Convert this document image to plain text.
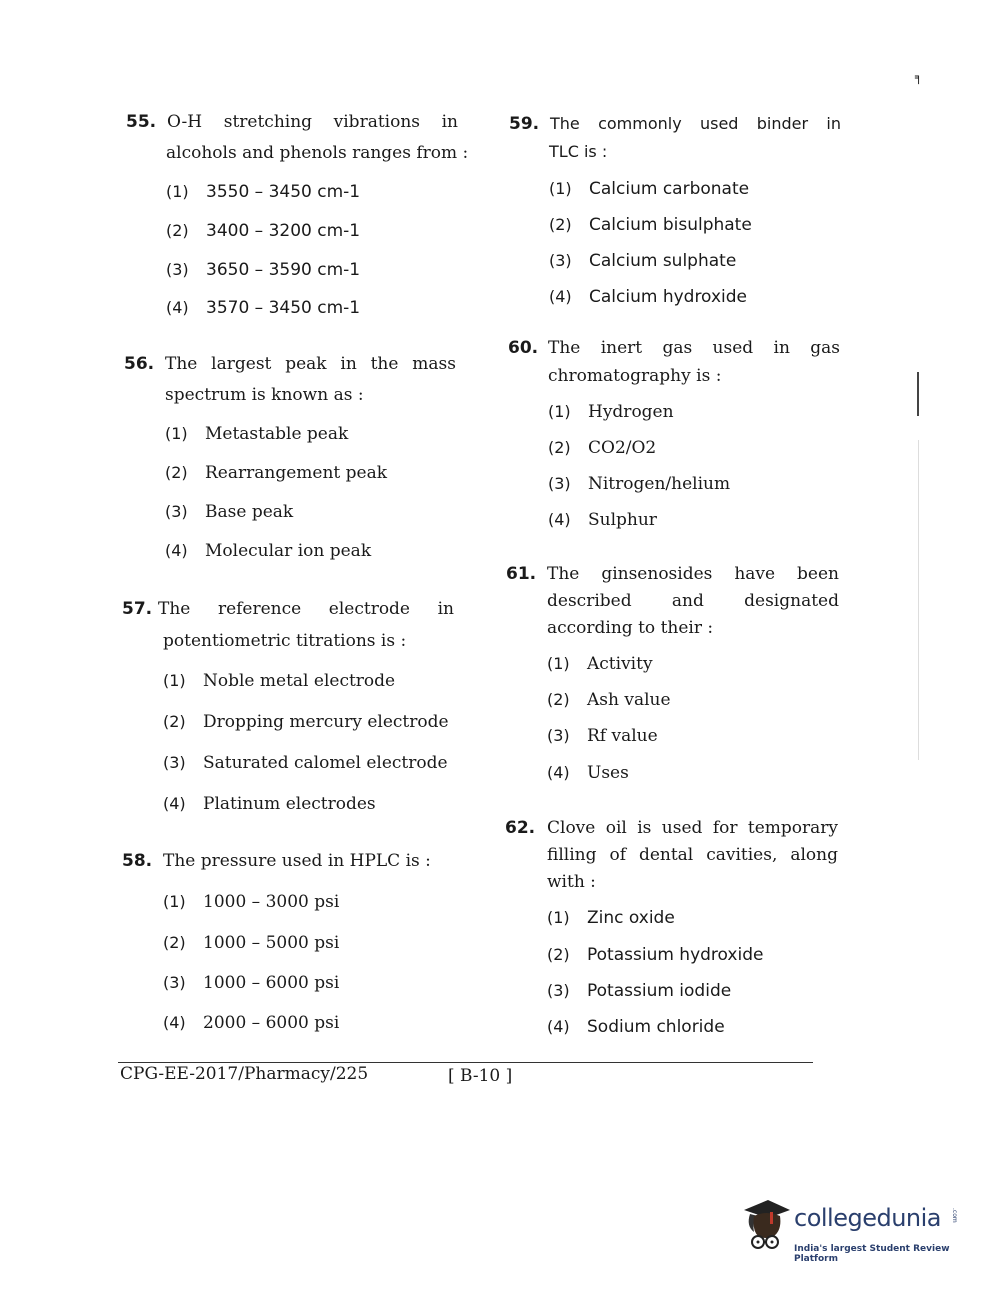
╕
55. O-H stretching vibrations in
alcohols and phenols ranges from :
(1) 3550 – 3450 cm-1
(2) 3400 – 3200 cm-1
(3) 3650 – 3590 cm-1
(4) 3570 – 3450 cm-1
56. The largest peak in the mass
spectrum is known as :
(1) Metastable peak
(2) Rearrangement peak
(3) Base peak
(4) Molecular ion peak
57. The reference electrode in
potentiometric titrations is :
(1) Noble metal electrode
(2) Dropping mercury electrode
(3) Saturated calomel electrode
(4) Platinum electrodes
58. The pressure used in HPLC is :
(1) 1000 – 3000 psi
(2) 1000 – 5000 psi
(3) 1000 – 6000 psi
(4) 2000 – 6000 psi
59. The commonly used binder in
TLC is :
(1) Calcium carbonate
(2) Calcium bisulphate
(3) Calcium sulphate
(4) Calcium hydroxide
60. The inert gas used in gas
chromatography is :
(1) Hydrogen
(2) CO2/O2
(3) Nitrogen/helium
(4) Sulphur
61. The ginsenosides have been
described and designated
according to their :
(1) Activity
(2) Ash value
(3) Rf value
(4) Uses
62. Clove oil is used for temporary
filling of dental cavities, along
with :
(1) Zinc oxide
(2) Potassium hydroxide
(3) Potassium iodide
(4) Sodium chloride
CPG-EE-2017/Pharmacy/225	[ B-10 ]
collegedunia .com
India's largest Student Review Platform
